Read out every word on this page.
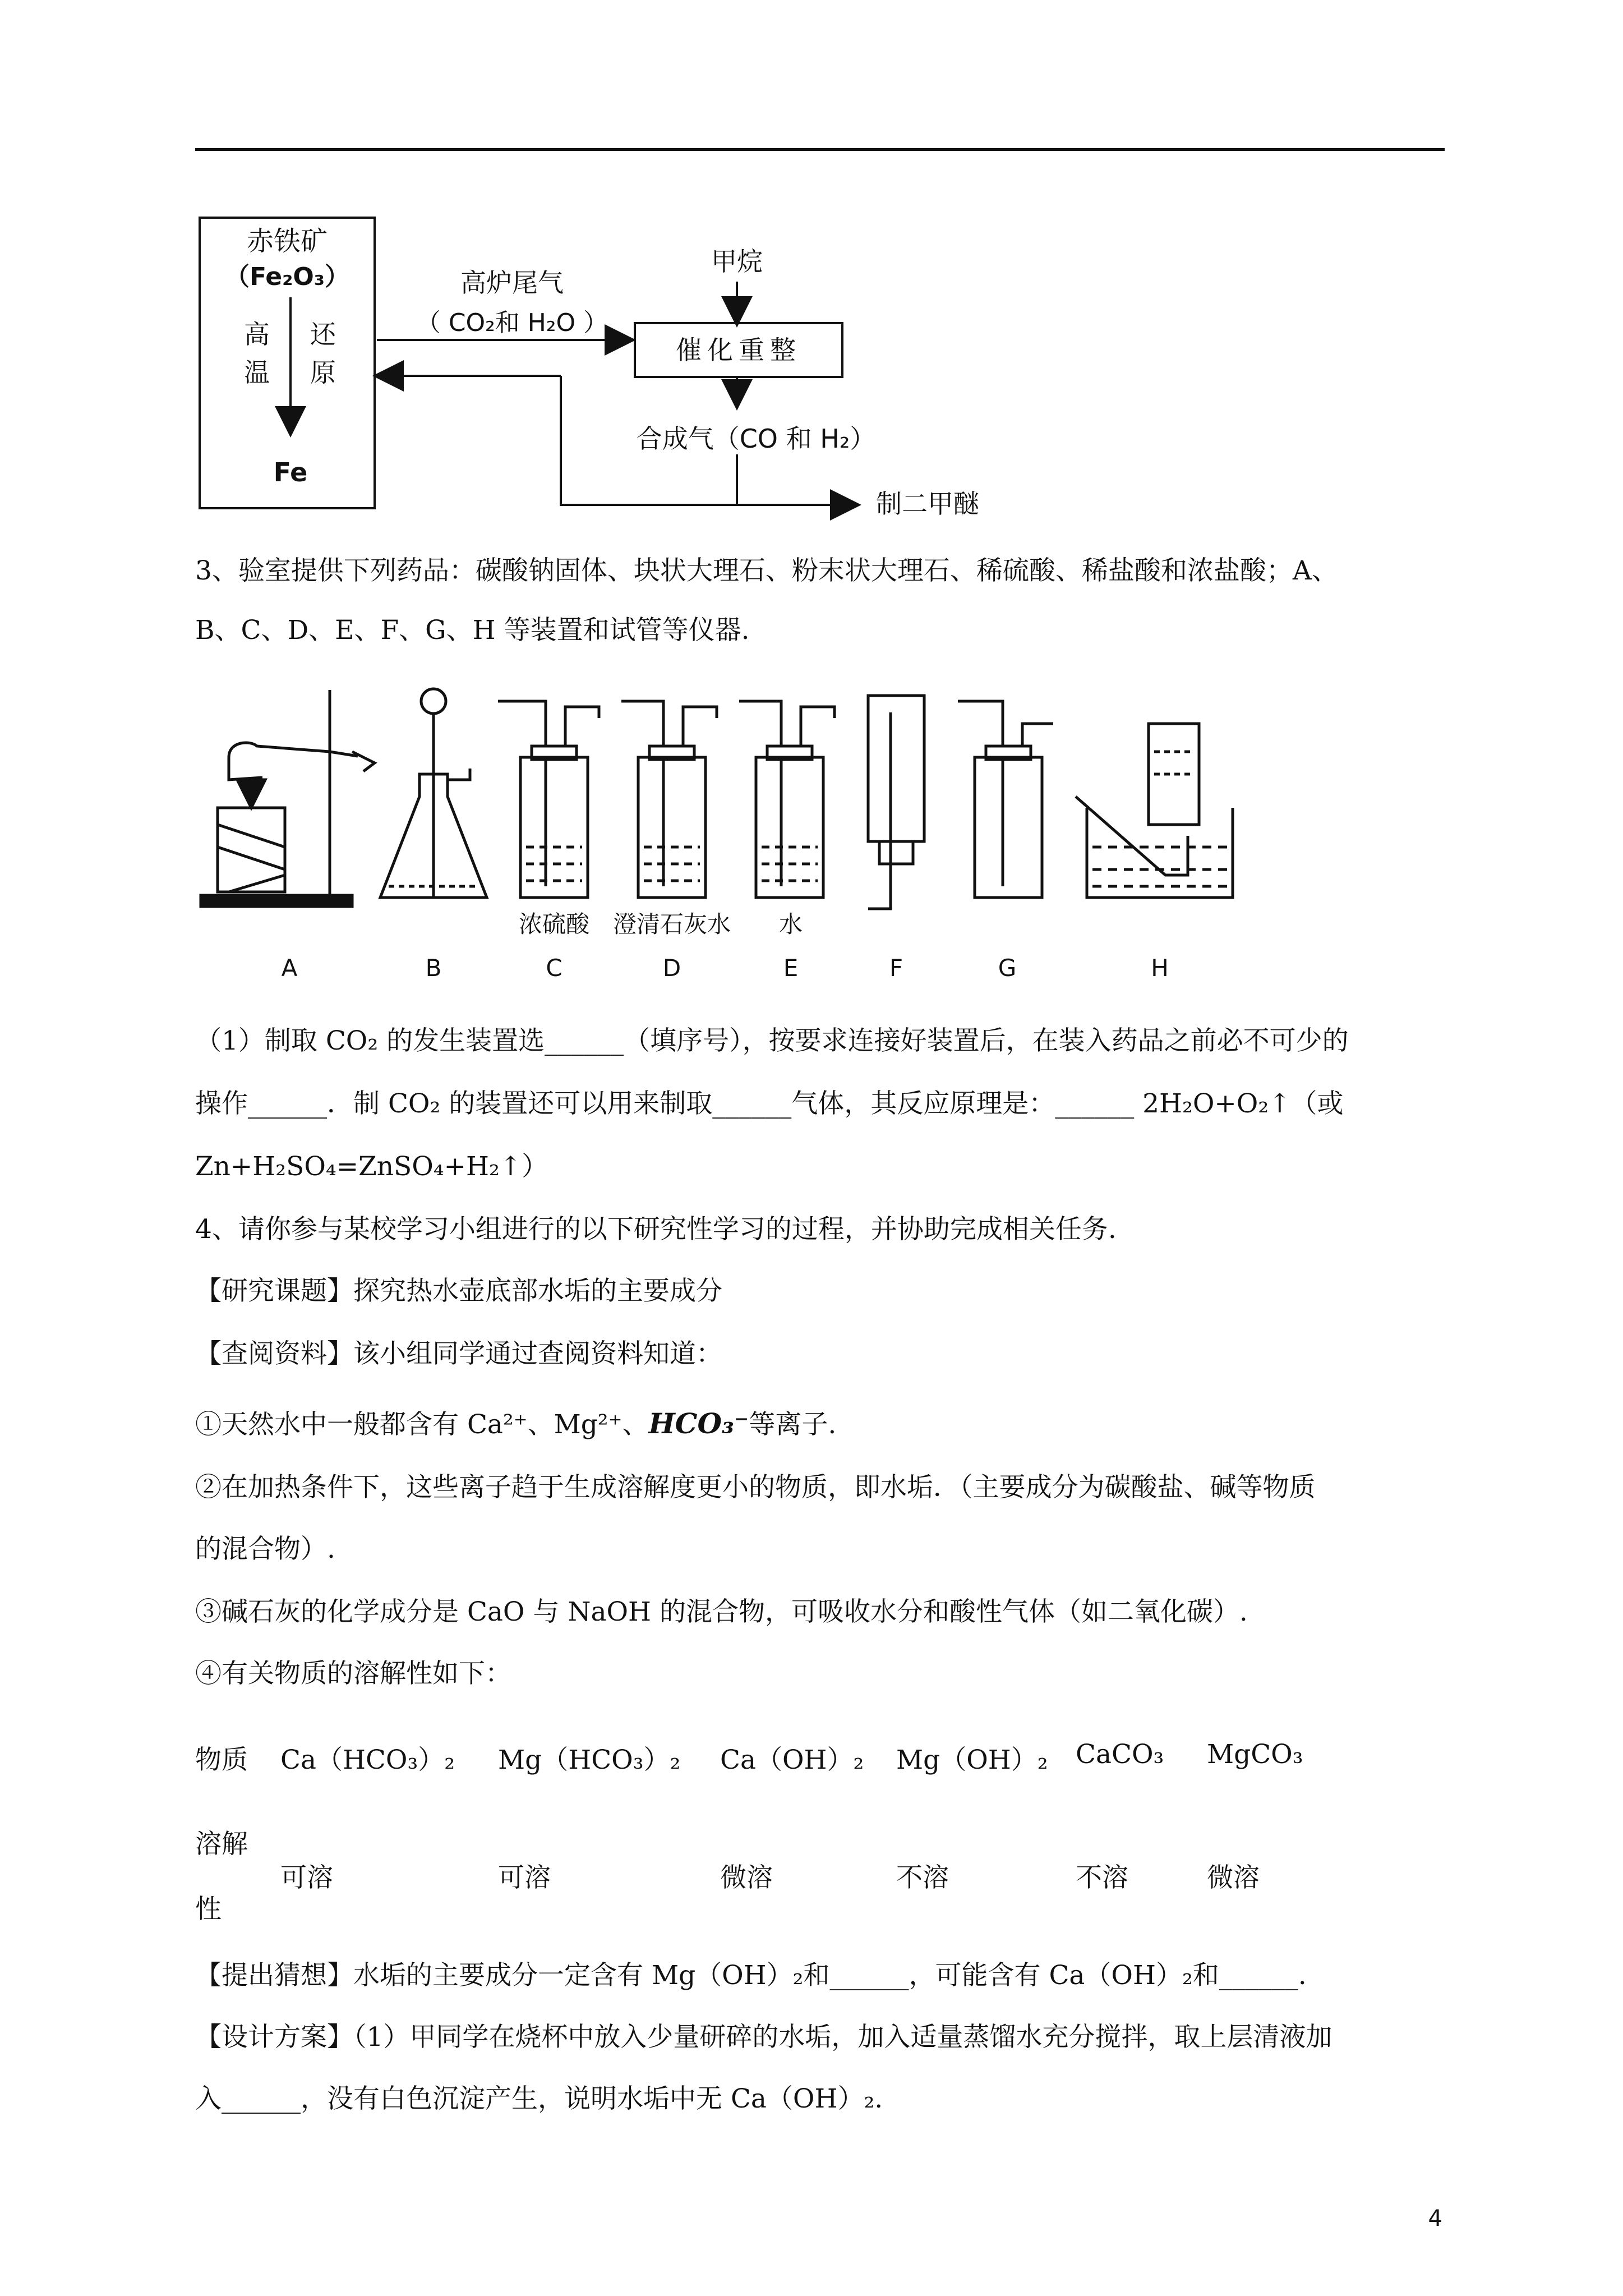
赤铁矿
（Fe₂O₃）
高
温
还
原
Fe
高炉尾气
（ CO₂和 H₂O ）
甲烷
催化重整
合成气（CO 和 H₂）
制二甲醚
3、验室提供下列药品：碳酸钠固体、块状大理石、粉末状大理石、稀硫酸、稀盐酸和浓盐酸；A、
B、C、D、E、F、G、H 等装置和试管等仪器.
浓硫酸 澄清石灰水 水
A	B	C	D	E	F	G	H
（1）制取 CO₂ 的发生装置选______（填序号），按要求连接好装置后，在装入药品之前必不可少的
操作______．制 CO₂ 的装置还可以用来制取______气体，其反应原理是：______ 2H₂O+O₂↑（或
Zn+H₂SO₄=ZnSO₄+H₂↑）
4、请你参与某校学习小组进行的以下研究性学习的过程，并协助完成相关任务.
【研究课题】探究热水壶底部水垢的主要成分
【查阅资料】该小组同学通过查阅资料知道：
①天然水中一般都含有 Ca²⁺、Mg²⁺、HCO₃⁻等离子.
②在加热条件下，这些离子趋于生成溶解度更小的物质，即水垢．（主要成分为碳酸盐、碱等物质
的混合物）.
③碱石灰的化学成分是 CaO 与 NaOH 的混合物，可吸收水分和酸性气体（如二氧化碳）.
④有关物质的溶解性如下：
物质 Ca（HCO₃）₂ Mg（HCO₃）₂ Ca（OH）₂ Mg（OH）₂ CaCO₃ MgCO₃
溶解
性
可溶	可溶	微溶	不溶	不溶	微溶
【提出猜想】水垢的主要成分一定含有 Mg（OH）₂和______，可能含有 Ca（OH）₂和______.
【设计方案】（1）甲同学在烧杯中放入少量研碎的水垢，加入适量蒸馏水充分搅拌，取上层清液加
入______，没有白色沉淀产生，说明水垢中无 Ca（OH）₂.
4
